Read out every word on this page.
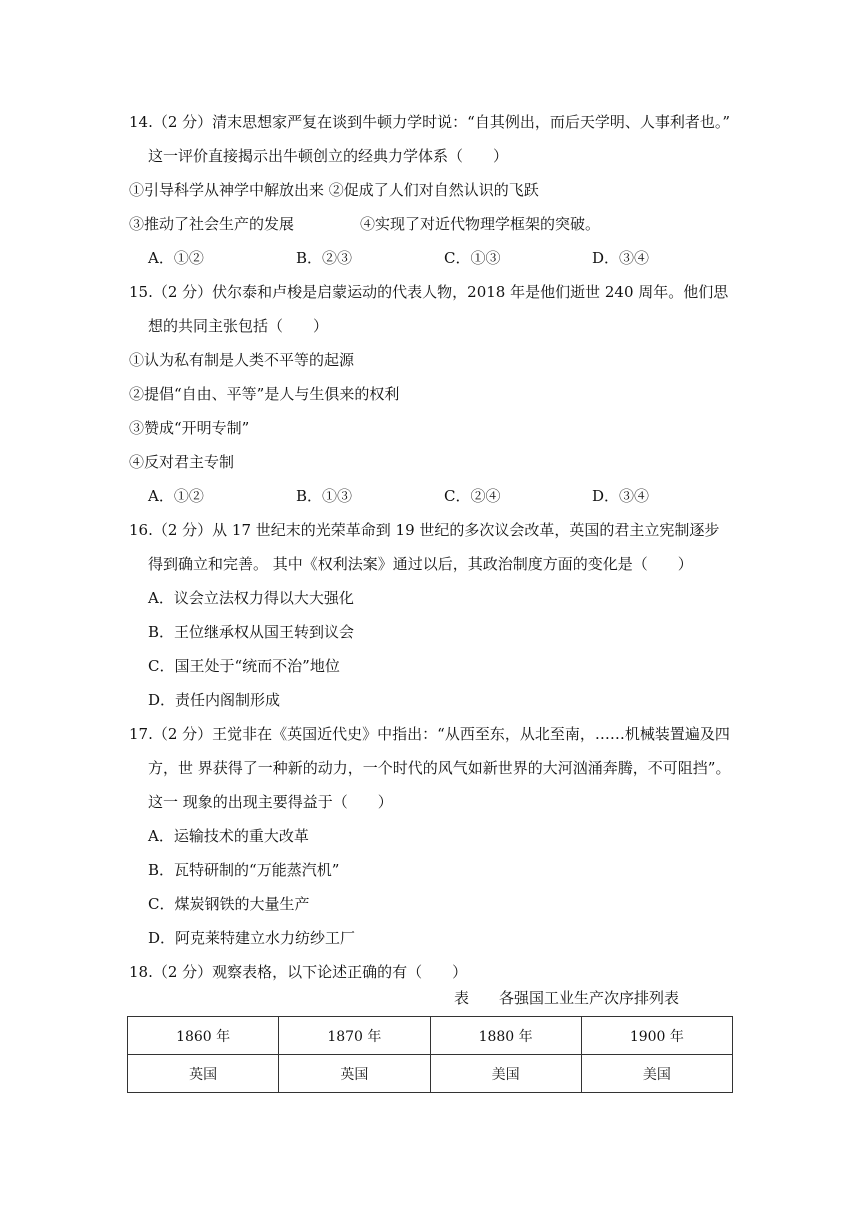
14.（2 分）清末思想家严复在谈到牛顿力学时说：“自其例出，而后天学明、人事利者也。”
这一评价直接揭示出牛顿创立的经典力学体系（　　）
①引导科学从神学中解放出来 ②促成了人们对自然认识的飞跃
③推动了社会生产的发展	④实现了对近代物理学框架的突破。
A．①②	B．②③	C．①③	D．③④
15.（2 分）伏尔泰和卢梭是启蒙运动的代表人物，2018 年是他们逝世 240 周年。他们思
想的共同主张包括（　　）
①认为私有制是人类不平等的起源
②提倡“自由、平等”是人与生俱来的权利
③赞成“开明专制”
④反对君主专制
A．①②	B．①③	C．②④	D．③④
16.（2 分）从 17 世纪末的光荣革命到 19 世纪的多次议会改革，英国的君主立宪制逐步
得到确立和完善。 其中《权利法案》通过以后，其政治制度方面的变化是（　　）
A．议会立法权力得以大大强化
B．王位继承权从国王转到议会
C．国王处于“统而不治”地位
D．责任内阁制形成
17.（2 分）王觉非在《英国近代史》中指出：“从西至东，从北至南，……机械装置遍及四
方，世 界获得了一种新的动力，一个时代的风气如新世界的大河汹涌奔腾，不可阻挡”。
这一 现象的出现主要得益于（　　）
A．运输技术的重大改革
B．瓦特研制的“万能蒸汽机”
C．煤炭钢铁的大量生产
D．阿克莱特建立水力纺纱工厂
18.（2 分）观察表格，以下论述正确的有（　　）
表 各强国工业生产次序排列表
1860 年	1870 年	1880 年	1900 年
英国	英国	美国	美国
